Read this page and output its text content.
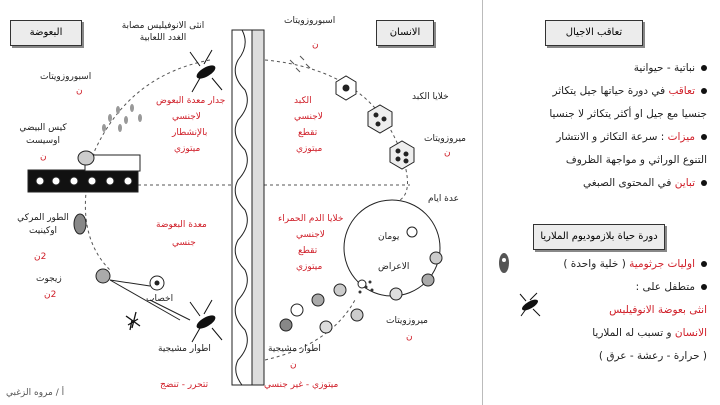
البعوضة	الانسان
انثى الانوفيليس مصابة الغدد اللعابية
اسبوروزويتات
ن
اسبوروزويتات
ن
جدار معدة البعوض
لاجنسي
بالإنشطار
ميتوزي
كيس البيضي اوسيست
ن
الطور المركي اوكينيت
2ن
زيجوت
2ن
معدة البعوضة
جنسي
اخصاب
اطوار مشيجية
تتحرر - تنضج
الكبد
لاجنسي
تقطع
ميتوزي
خلايا الدم الحمراء
لاجنسي
تقطع
ميتوزي
خلايا الكبد
ميروزويتات
ن
عدة ايام
يومان
الاعراض
ميروزويتات
ن
اطوار مشيجية
ن
ميتوزي - غير جنسي
أ / مروه الزغبي
تعاقب الاجيال
نباتية - حيوانية
تعاقب في دورة حياتها جيل يتكاثر
جنسيا مع جيل او أكثر يتكاثر لا جنسيا
ميزات : سرعة التكاثر و الانتشار
التنوع الوراثي و مواجهة الظروف
تباين في المحتوى الصبغي
دورة حياة بلازموديوم الملاريا
اوليات جرثومية ( خلية واحدة )
متطفل على :
انثى بعوضة الانوفيليس
الانسان و تسبب له الملاريا
( حرارة - رعشة - عرق )
